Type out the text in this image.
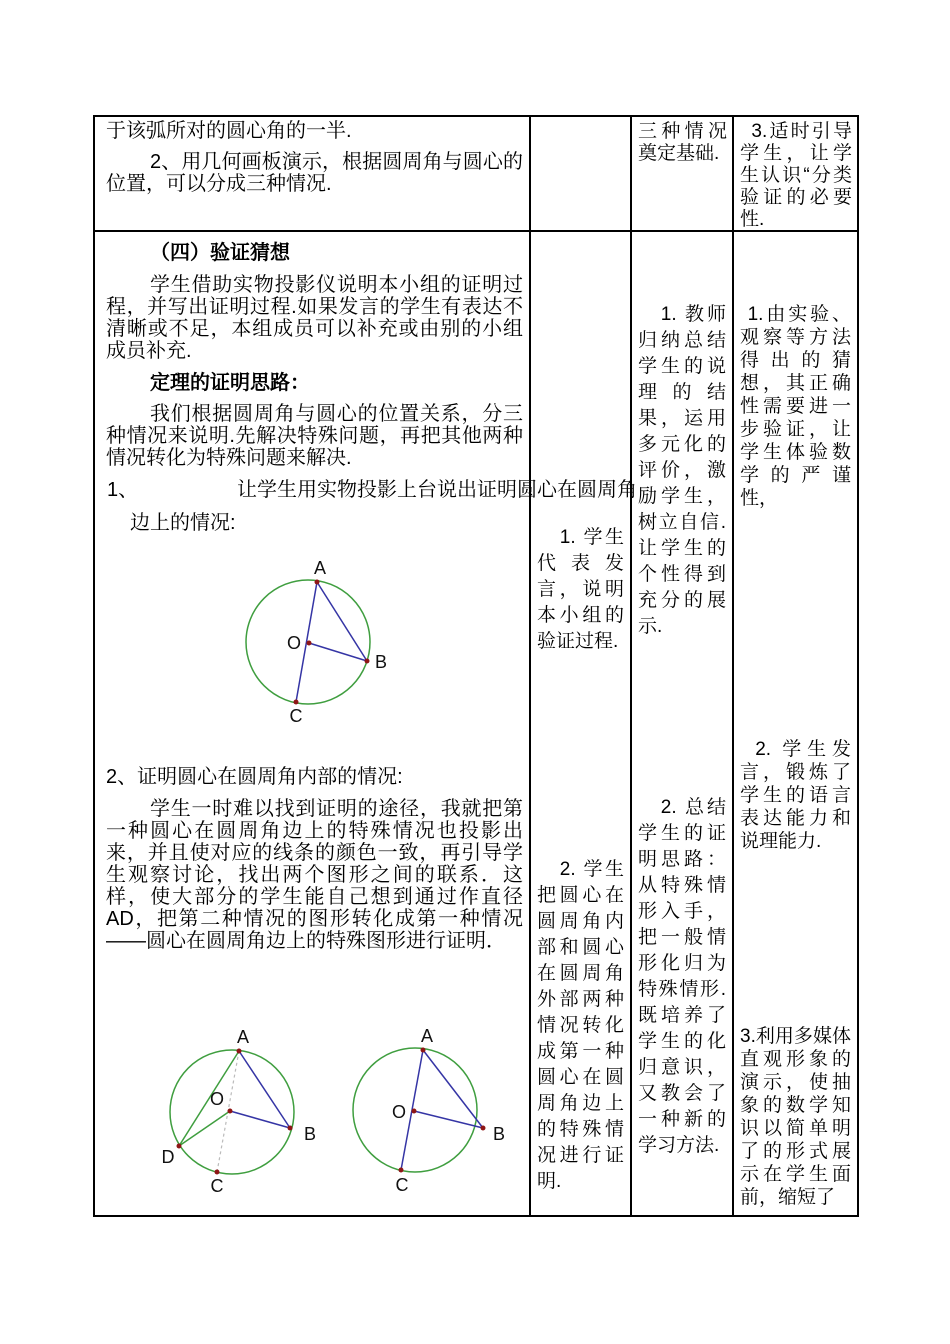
于该弧所对的圆心角的一半.

2、用几何画板演示，根据圆周角与圆心的位置，可以分成三种情况.

三种情况奠定基础.

3.适时引导学生，让学生认识“分类验证的必要性.

（四）验证猜想

学生借助实物投影仪说明本小组的证明过程，并写出证明过程.如果发言的学生有表达不清晰或不足，本组成员可以补充或由别的小组成员补充.

定理的证明思路：

我们根据圆周角与圆心的位置关系，分三种情况来说明.先解决特殊问题，再把其他两种情况转化为特殊问题来解决.

1、	让学生用实物投影上台说出证明圆心在圆周角
边上的情况:

2、证明圆心在圆周角内部的情况:

学生一时难以找到证明的途径，我就把第一种圆心在圆周角边上的特殊情况也投影出来，并且使对应的线条的颜色一致，再引导学生观察讨论，找出两个图形之间的联系．这样，使大部分的学生能自己想到通过作直径 AD，把第二种情况的图形转化成第一种情况——圆心在圆周角边上的特殊图形进行证明．

1. 学生代表发言，说明本小组的验证过程.

2. 学生把圆心在圆周角内部和圆心在圆周角外部两种情况转化成第一种圆心在圆周角边上的特殊情况进行证明.

1. 教师归纳总结学生的说理的结果，运用多元化的评价，激励学生，树立自信.让学生的个性得到充分的展示.

2. 总结学生的证明思路：从特殊情形入手，把一般情形化归为特殊情形.既培养了学生的化归意识，又教会了一种新的学习方法.

1.由实验、观察等方法得出的猜想，其正确性需要进一步验证，让学生体验数学的严谨性，

2. 学生发言，锻炼了学生的语言表达能力和说理能力.

3.利用多媒体直观形象的演示，使抽象的数学知识以简单明了的形式展示在学生面前，缩短了

A
B
C
O
A
B
C
D
O
A
B
C
O
